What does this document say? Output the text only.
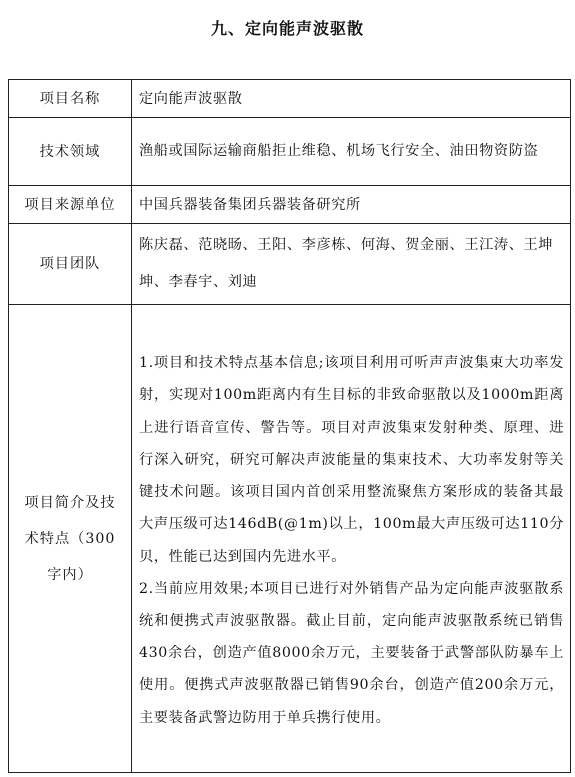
九、定向能声波驱散
项目名称	定向能声波驱散
技术领域	渔船或国际运输商船拒止维稳、机场飞行安全、油田物资防盗
项目来源单位	中国兵器装备集团兵器装备研究所
项目团队	陈庆磊、范晓旸、王阳、李彦栋、何海、贺金丽、王江涛、王坤坤、李春宇、刘迪
项目简介及技术特点（300字内）	1.项目和技术特点基本信息;该项目利用可听声声波集束大功率发射，实现对100m距离内有生目标的非致命驱散以及1000m距离上进行语音宣传、警告等。项目对声波集束发射种类、原理、进行深入研究，研究可解决声波能量的集束技术、大功率发射等关键技术问题。该项目国内首创采用整流聚焦方案形成的装备其最大声压级可达146dB(@1m)以上，100m最大声压级可达110分贝，性能已达到国内先进水平。

2.当前应用效果;本项目已进行对外销售产品为定向能声波驱散系统和便携式声波驱散器。截止目前，定向能声波驱散系统已销售430余台，创造产值8000余万元，主要装备于武警部队防暴车上使用。便携式声波驱散器已销售90余台，创造产值200余万元，主要装备武警边防用于单兵携行使用。
